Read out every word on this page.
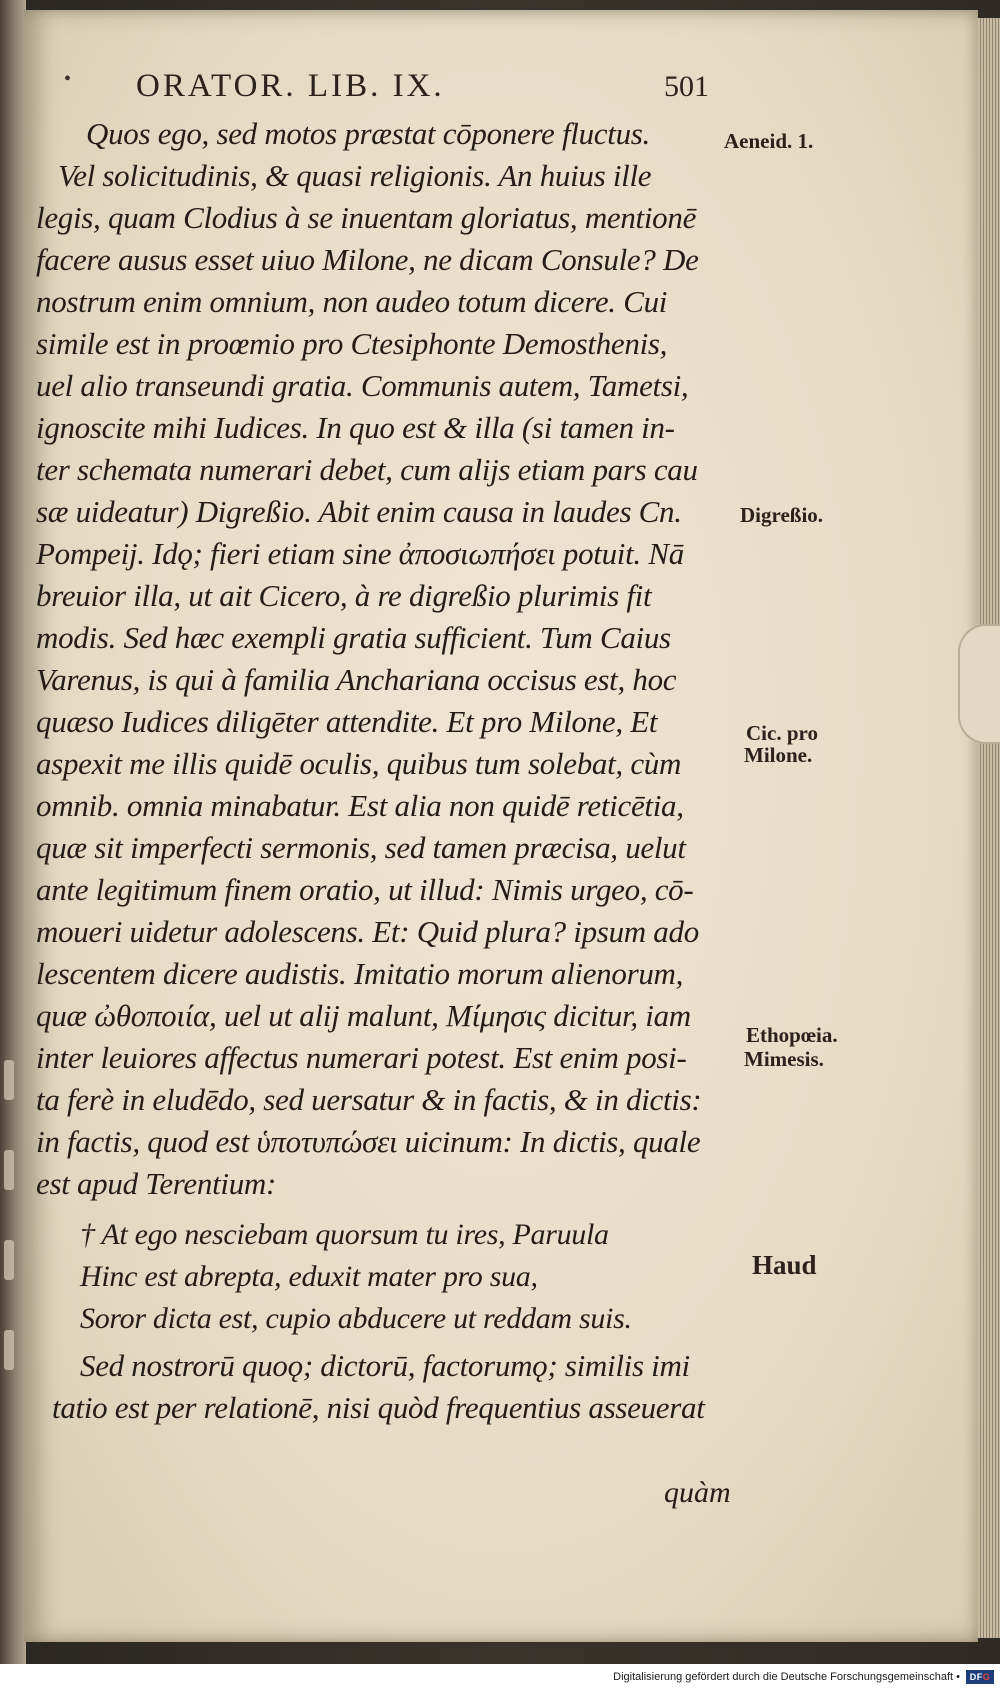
• ORATOR. LIB. IX.	501
Quos ego, sed motos præstat cōponere fluctus.
Vel solicitudinis, & quasi religionis. An huius ille
legis, quam Clodius à se inuentam gloriatus, mentionē
facere ausus esset uiuo Milone, ne dicam Consule? De
nostrum enim omnium, non audeo totum dicere. Cui
simile est in proœmio pro Ctesiphonte Demosthenis,
uel alio transeundi gratia. Communis autem, Tametsi,
ignoscite mihi Iudices. In quo est & illa (si tamen in-
ter schemata numerari debet, cum alijs etiam pars cau
sæ uideatur) Digreßio. Abit enim causa in laudes Cn.
Pompeij. Idǫ; fieri etiam sine ἀποσιωπήσει potuit. Nā
breuior illa, ut ait Cicero, à re digreßio plurimis fit
modis. Sed hæc exempli gratia sufficient. Tum Caius
Varenus, is qui à familia Anchariana occisus est, hoc
quæso Iudices diligēter attendite. Et pro Milone, Et
aspexit me illis quidē oculis, quibus tum solebat, cùm
omnib. omnia minabatur. Est alia non quidē reticētia,
quæ sit imperfecti sermonis, sed tamen præcisa, uelut
ante legitimum finem oratio, ut illud: Nimis urgeo, cō-
moueri uidetur adolescens. Et: Quid plura? ipsum ado
lescentem dicere audistis. Imitatio morum alienorum,
quæ ὠθοποιία, uel ut alij malunt, Μίμησις dicitur, iam
inter leuiores affectus numerari potest. Est enim posi-
ta ferè in eludēdo, sed uersatur & in factis, & in dictis:
in factis, quod est ὑποτυπώσει uicinum: In dictis, quale
est apud Terentium:
† At ego nesciebam quorsum tu ires, Paruula
Hinc est abrepta, eduxit mater pro sua,
Soror dicta est, cupio abducere ut reddam suis.
Sed nostrorū quoǫ; dictorū, factorumǫ; similis imi
tatio est per relationē, nisi quòd frequentius asseuerat
quàm
Aeneid. 1.
Digreßio.
Cic. pro
Milone.
Ethopœia.
Mimesis.
Haud
Digitalisierung gefördert durch die Deutsche Forschungsgemeinschaft •	DFG
